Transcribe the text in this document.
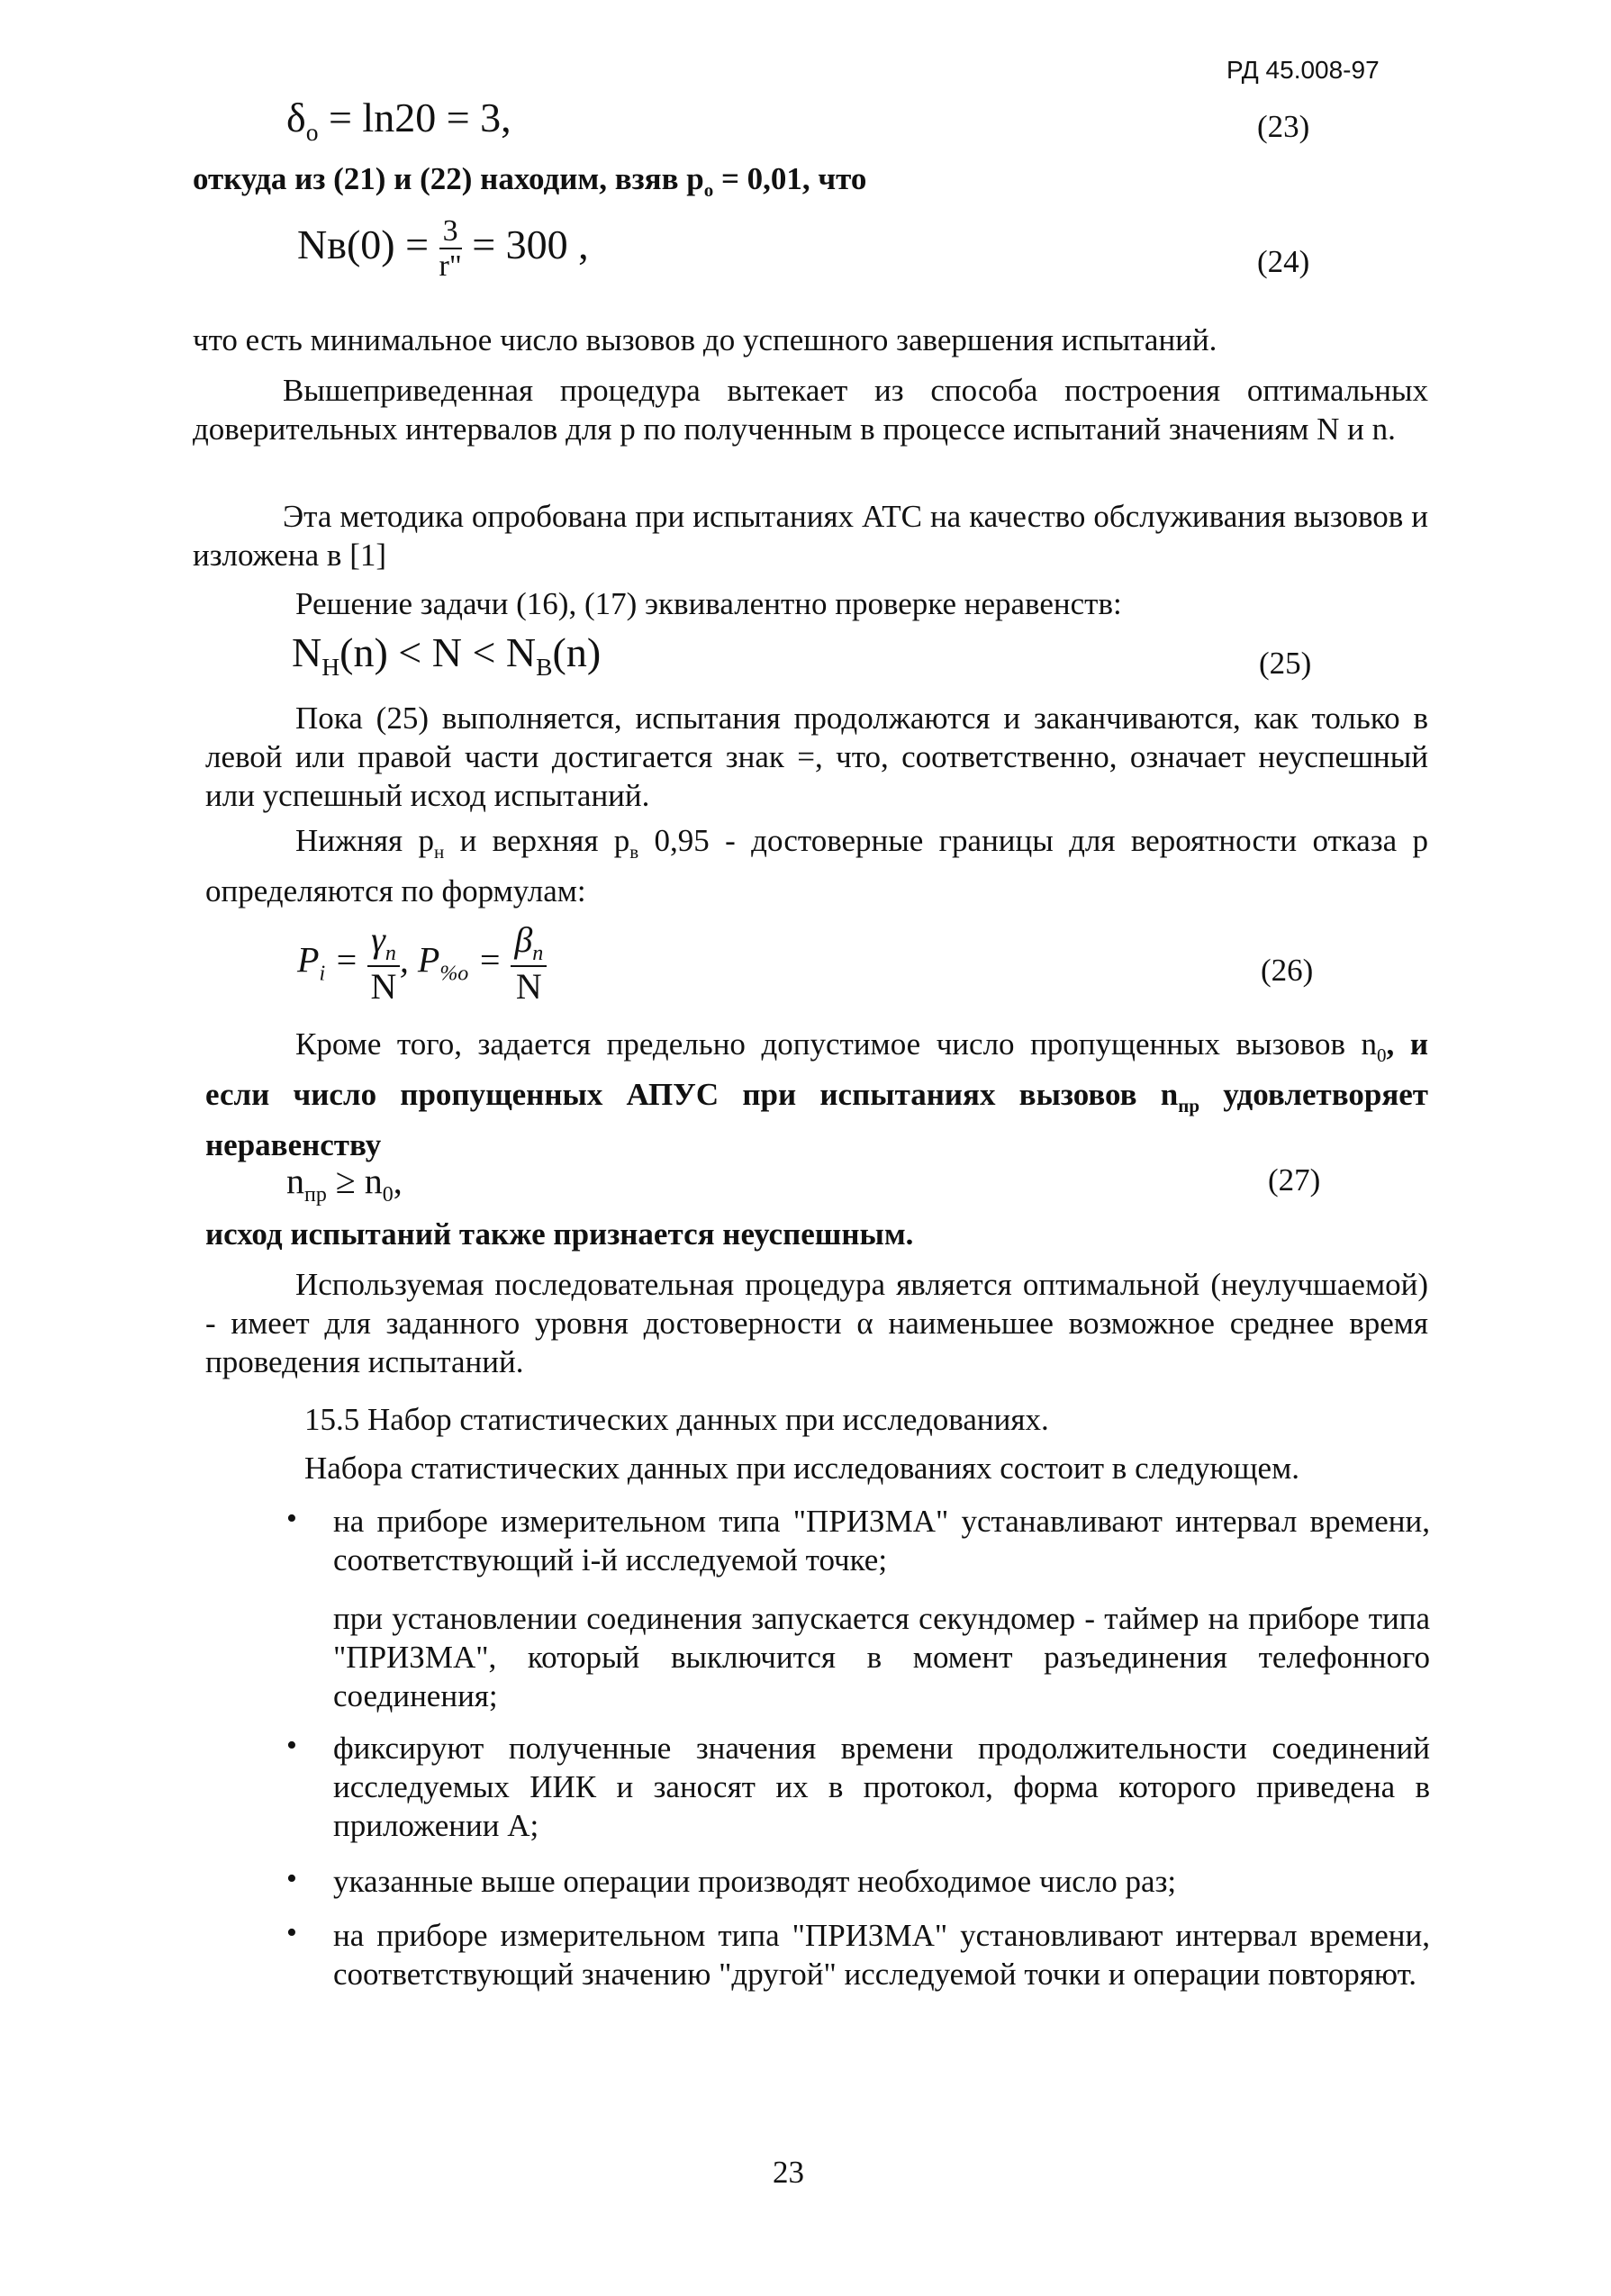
РД 45.008-97
$\delta_o = \ln 20 = 3$,	(23)
откуда из (21) и (22) находим, взяв $p_o = 0,01$, что
$Nв(0) = \frac{3}{r"} = 300$ ,	(24)
что есть минимальное число вызовов до успешного завершения испытаний.
Вышеприведенная процедура вытекает из способа построения оптимальных доверительных интервалов для p по полученным в процессе испытаний значениям N и n.
Эта методика опробована при испытаниях АТС на качество обслуживания вызовов и изложена в [1]
Решение задачи (16), (17) эквивалентно проверке неравенств:
$N_H(n) < N < N_B(n)$	(25)
Пока (25) выполняется, испытания продолжаются и заканчиваются, как только в левой или правой части достигается знак =, что, соответственно, означает неуспешный или успешный исход испытаний.
Нижняя $p_н$ и верхняя $p_в$ 0,95 - достоверные границы для вероятности отказа p определяются по формулам:
$P_i = \frac{\gamma_n}{N}$ , $P_{\%o} = \frac{\beta_n}{N}$	(26)
Кроме того, задается предельно допустимое число пропущенных вызовов $n_0$, и если число пропущенных АПУС при испытаниях вызовов $n_{пр}$ удовлетворяет неравенству
$n_{пр} \ge n_0$,	(27)
исход испытаний также признается неуспешным.
Используемая последовательная процедура является оптимальной (неулучшаемой) - имеет для заданного уровня достоверности α наименьшее возможное среднее время проведения испытаний.
15.5 Набор статистических данных при исследованиях.
Набора статистических данных при исследованиях состоит в следующем.
• на приборе измерительном типа "ПРИЗМА" устанавливают интервал времени, соответствующий i-й исследуемой точке;
при установлении соединения запускается секундомер - таймер на приборе типа "ПРИЗМА", который выключится в момент разъединения телефонного соединения;
• фиксируют полученные значения времени продолжительности соединений исследуемых ИИК и заносят их в протокол, форма которого приведена в приложении А;
• указанные выше операции производят необходимое число раз;
• на приборе измерительном типа "ПРИЗМА" установливают интервал времени, соответствующий значению "другой" исследуемой точки и операции повторяют.
23
